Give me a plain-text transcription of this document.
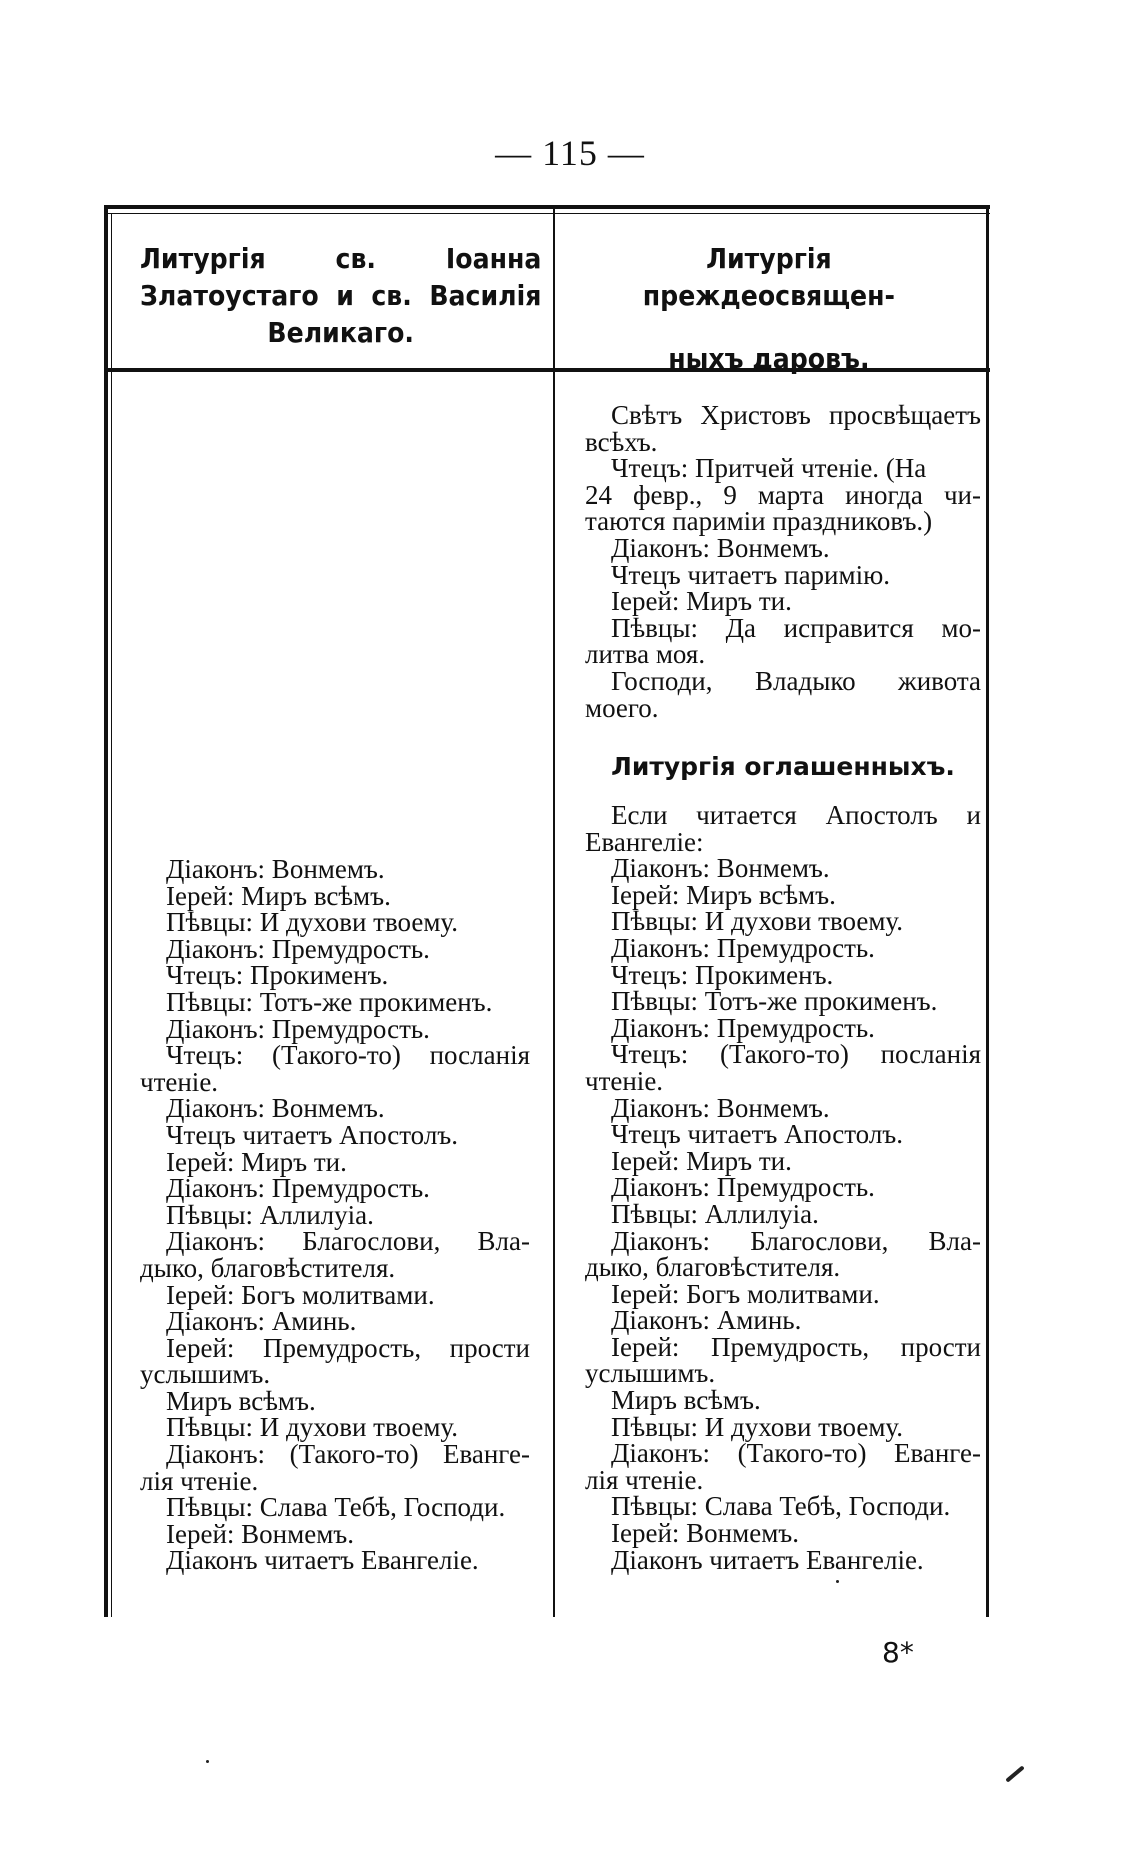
— 115 —
Литургія св. Іоанна Златоустаго и св. Василія Великаго.
Литургія преждеосвящен-
ныхъ даровъ.
Діаконъ: Вонмемъ.
Іерей: Миръ всѣмъ.
Пѣвцы: И духови твоему.
Діаконъ: Премудрость.
Чтецъ: Прокименъ.
Пѣвцы: Тотъ-же прокименъ.
Діаконъ: Премудрость.
Чтецъ: (Такого-то) посланія
чтеніе.
Діаконъ: Вонмемъ.
Чтецъ читаетъ Апостолъ.
Іерей: Миръ ти.
Діаконъ: Премудрость.
Пѣвцы: Аллилуіа.
Діаконъ: Благослови, Вла-
дыко, благовѣстителя.
Іерей: Богъ молитвами.
Діаконъ: Аминь.
Іерей: Премудрость, прости
услышимъ.
Миръ всѣмъ.
Пѣвцы: И духови твоему.
Діаконъ: (Такого-то) Еванге-
лія чтеніе.
Пѣвцы: Слава Тебѣ, Господи.
Іерей: Вонмемъ.
Діаконъ читаетъ Евангеліе.
Свѣтъ Христовъ просвѣщаетъ
всѣхъ.
Чтецъ: Притчей чтеніе. (На
24 февр., 9 марта иногда чи-
таются паримiи праздниковъ.)
Діаконъ: Вонмемъ.
Чтецъ читаетъ паримію.
Іерей: Миръ ти.
Пѣвцы: Да исправится мо-
литва моя.
Господи, Владыко живота
моего.
Литургія оглашенныхъ.
Если читается Апостолъ и
Евангеліе:
Діаконъ: Вонмемъ.
Іерей: Миръ всѣмъ.
Пѣвцы: И духови твоему.
Діаконъ: Премудрость.
Чтецъ: Прокименъ.
Пѣвцы: Тотъ-же прокименъ.
Діаконъ: Премудрость.
Чтецъ: (Такого-то) посланія
чтеніе.
Діаконъ: Вонмемъ.
Чтецъ читаетъ Апостолъ.
Іерей: Миръ ти.
Діаконъ: Премудрость.
Пѣвцы: Аллилуіа.
Діаконъ: Благослови, Вла-
дыко, благовѣстителя.
Іерей: Богъ молитвами.
Діаконъ: Аминь.
Іерей: Премудрость, прости
услышимъ.
Миръ всѣмъ.
Пѣвцы: И духови твоему.
Діаконъ: (Такого-то) Еванге-
лія чтеніе.
Пѣвцы: Слава Тебѣ, Господи.
Іерей: Вонмемъ.
Діаконъ читаетъ Евангеліе.
8*
